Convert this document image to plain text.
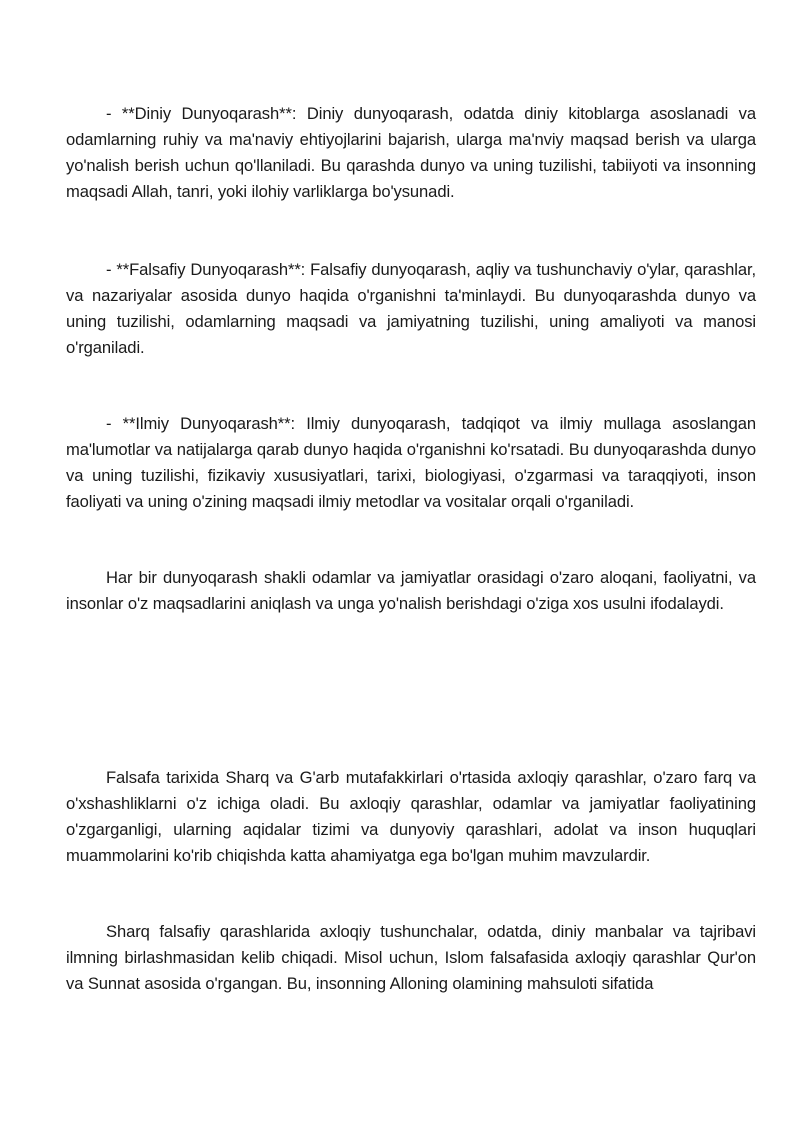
- **Diniy Dunyoqarash**: Diniy dunyoqarash, odatda diniy kitoblarga asoslanadi va odamlarning ruhiy va ma'naviy ehtiyojlarini bajarish, ularga ma'nviy maqsad berish va ularga yo'nalish berish uchun qo'llaniladi. Bu qarashda dunyo va uning tuzilishi, tabiiyoti va insonning maqsadi Allah, tanri, yoki ilohiy varliklarga bo'ysunadi.

- **Falsafiy Dunyoqarash**: Falsafiy dunyoqarash, aqliy va tushunchaviy o'ylar, qarashlar, va nazariyalar asosida dunyo haqida o'rganishni ta'minlaydi. Bu dunyoqarashda dunyo va uning tuzilishi, odamlarning maqsadi va jamiyatning tuzilishi, uning amaliyoti va manosi o'rganiladi.

- **Ilmiy Dunyoqarash**: Ilmiy dunyoqarash, tadqiqot va ilmiy mullaga asoslangan ma'lumotlar va natijalarga qarab dunyo haqida o'rganishni ko'rsatadi. Bu dunyoqarashda dunyo va uning tuzilishi, fizikaviy xususiyatlari, tarixi, biologiyasi, o'zgarmasi va taraqqiyoti, inson faoliyati va uning o'zining maqsadi ilmiy metodlar va vositalar orqali o'rganiladi.

Har bir dunyoqarash shakli odamlar va jamiyatlar orasidagi o'zaro aloqani, faoliyatni, va insonlar o'z maqsadlarini aniqlash va unga yo'nalish berishdagi o'ziga xos usulni ifodalaydi.

Falsafa tarixida Sharq va G'arb mutafakkirlari o'rtasida axloqiy qarashlar, o'zaro farq va o'xshashliklarni o'z ichiga oladi. Bu axloqiy qarashlar, odamlar va jamiyatlar faoliyatining o'zgarganligi, ularning aqidalar tizimi va dunyoviy qarashlari, adolat va inson huquqlari muammolarini ko'rib chiqishda katta ahamiyatga ega bo'lgan muhim mavzulardir.

Sharq falsafiy qarashlarida axloqiy tushunchalar, odatda, diniy manbalar va tajribavi ilmning birlashmasidan kelib chiqadi. Misol uchun, Islom falsafasida axloqiy qarashlar Qur'on va Sunnat asosida o'rgangan. Bu, insonning Alloning olamining mahsuloti sifatida
